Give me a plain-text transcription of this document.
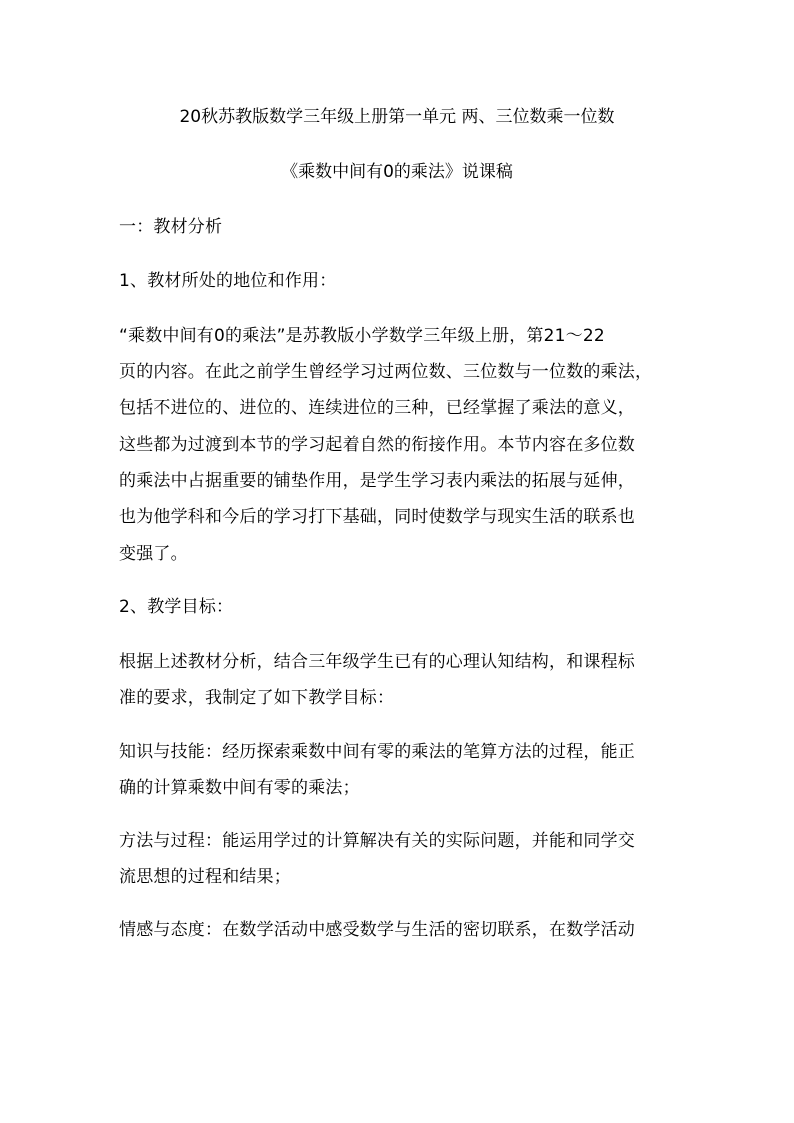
20秋苏教版数学三年级上册第一单元 两、三位数乘一位数
《乘数中间有0的乘法》说课稿
一：教材分析
1、教材所处的地位和作用：
“乘数中间有0的乘法”是苏教版小学数学三年级上册，第21～22
页的内容。在此之前学生曾经学习过两位数、三位数与一位数的乘法，
包括不进位的、进位的、连续进位的三种，已经掌握了乘法的意义，
这些都为过渡到本节的学习起着自然的衔接作用。本节内容在多位数
的乘法中占据重要的铺垫作用，是学生学习表内乘法的拓展与延伸，
也为他学科和今后的学习打下基础，同时使数学与现实生活的联系也
变强了。
2、教学目标：
根据上述教材分析，结合三年级学生已有的心理认知结构，和课程标
准的要求，我制定了如下教学目标：
知识与技能：经历探索乘数中间有零的乘法的笔算方法的过程，能正
确的计算乘数中间有零的乘法；
方法与过程：能运用学过的计算解决有关的实际问题，并能和同学交
流思想的过程和结果；
情感与态度：在数学活动中感受数学与生活的密切联系，在数学活动
